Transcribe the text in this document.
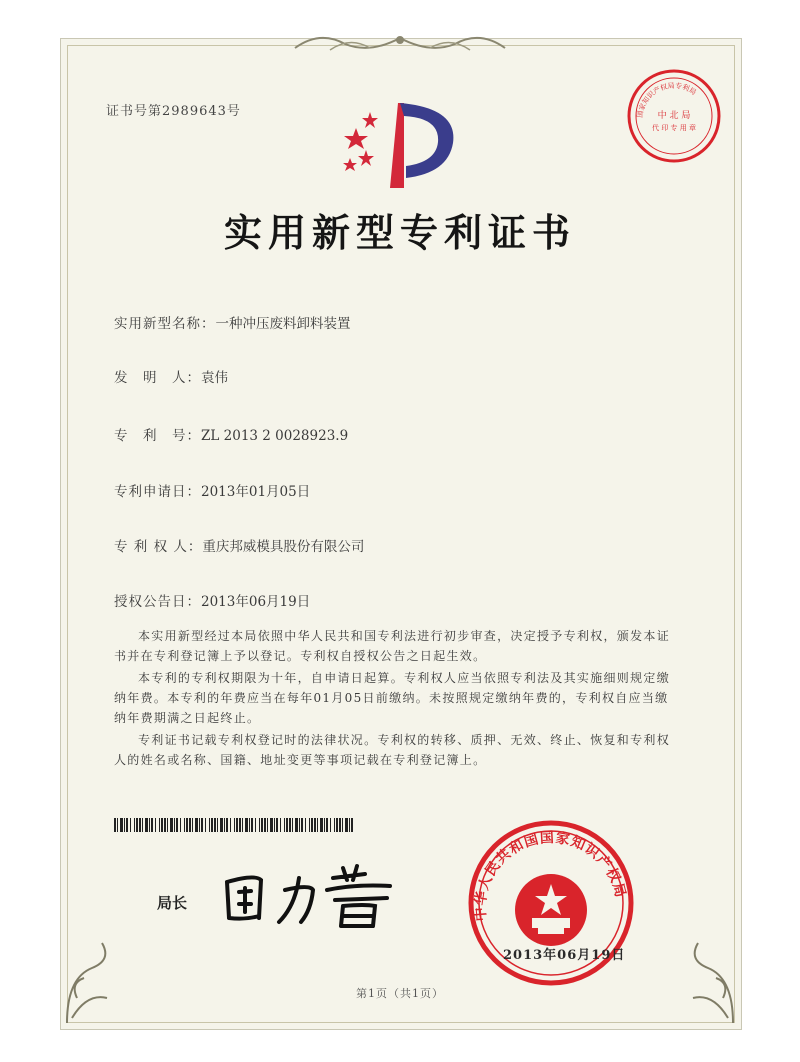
证书号第2989643号	国家知识产权局专利局
中 北 局
代 印 专 用 章
实用新型专利证书
实用新型名称：一种冲压废料卸料装置
发　明　人：袁伟
专　利　号：ZL 2013 2 0028923.9
专利申请日：2013年01月05日
专 利 权 人：重庆邦威模具股份有限公司
授权公告日：2013年06月19日

本实用新型经过本局依照中华人民共和国专利法进行初步审查，决定授予专利权，颁发本证书并在专利登记簿上予以登记。专利权自授权公告之日起生效。

本专利的专利权期限为十年，自申请日起算。专利权人应当依照专利法及其实施细则规定缴纳年费。本专利的年费应当在每年01月05日前缴纳。未按照规定缴纳年费的，专利权自应当缴纳年费期满之日起终止。

专利证书记载专利权登记时的法律状况。专利权的转移、质押、无效、终止、恢复和专利权人的姓名或名称、国籍、地址变更等事项记载在专利登记簿上。

局长
中华人民共和国国家知识产权局
2013年06月19日
第1页（共1页）
